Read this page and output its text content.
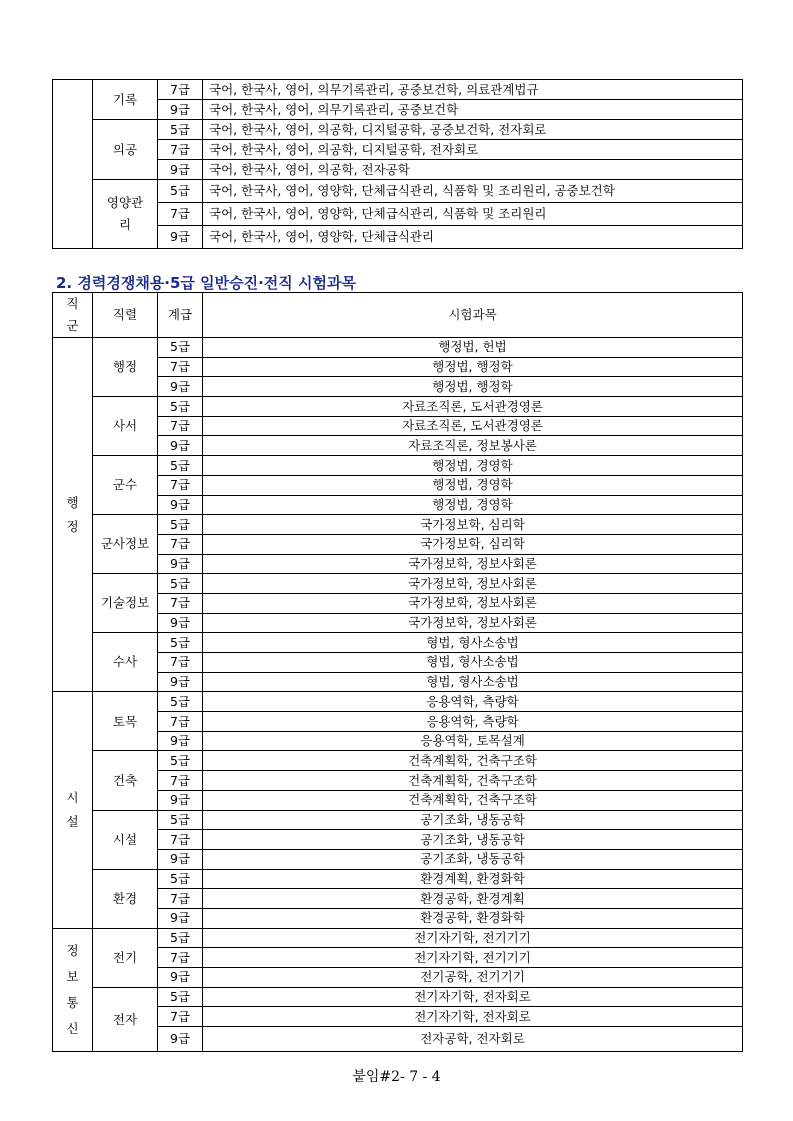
	기록	7급	국어, 한국사, 영어, 의무기록관리, 공중보건학, 의료관계법규
		9급	국어, 한국사, 영어, 의무기록관리, 공중보건학
	의공	5급	국어, 한국사, 영어, 의공학, 디지털공학, 공중보건학, 전자회로
		7급	국어, 한국사, 영어, 의공학, 디지털공학, 전자회로
		9급	국어, 한국사, 영어, 의공학, 전자공학
	영양관리	5급	국어, 한국사, 영어, 영양학, 단체급식관리, 식품학 및 조리원리, 공중보건학
		7급	국어, 한국사, 영어, 영양학, 단체급식관리, 식품학 및 조리원리
		9급	국어, 한국사, 영어, 영양학, 단체급식관리
2. 경력경쟁채용·5급 일반승진·전직 시험과목
직군	직렬	계급	시험과목
행정	행정	5급	행정법, 헌법
		7급	행정법, 행정학
		9급	행정법, 행정학
	사서	5급	자료조직론, 도서관경영론
		7급	자료조직론, 도서관경영론
		9급	자료조직론, 정보봉사론
	군수	5급	행정법, 경영학
		7급	행정법, 경영학
		9급	행정법, 경영학
	군사정보	5급	국가정보학, 심리학
		7급	국가정보학, 심리학
		9급	국가정보학, 정보사회론
	기술정보	5급	국가정보학, 정보사회론
		7급	국가정보학, 정보사회론
		9급	국가정보학, 정보사회론
	수사	5급	형법, 형사소송법
		7급	형법, 형사소송법
		9급	형법, 형사소송법
시설	토목	5급	응용역학, 측량학
		7급	응용역학, 측량학
		9급	응용역학, 토목설계
	건축	5급	건축계획학, 건축구조학
		7급	건축계획학, 건축구조학
		9급	건축계획학, 건축구조학
	시설	5급	공기조화, 냉동공학
		7급	공기조화, 냉동공학
		9급	공기조화, 냉동공학
	환경	5급	환경계획, 환경화학
		7급	환경공학, 환경계획
		9급	환경공학, 환경화학
정보통신	전기	5급	전기자기학, 전기기기
		7급	전기자기학, 전기기기
		9급	전기공학, 전기기기
	전자	5급	전기자기학, 전자회로
		7급	전기자기학, 전자회로
		9급	전자공학, 전자회로
붙임#2- 7 - 4
